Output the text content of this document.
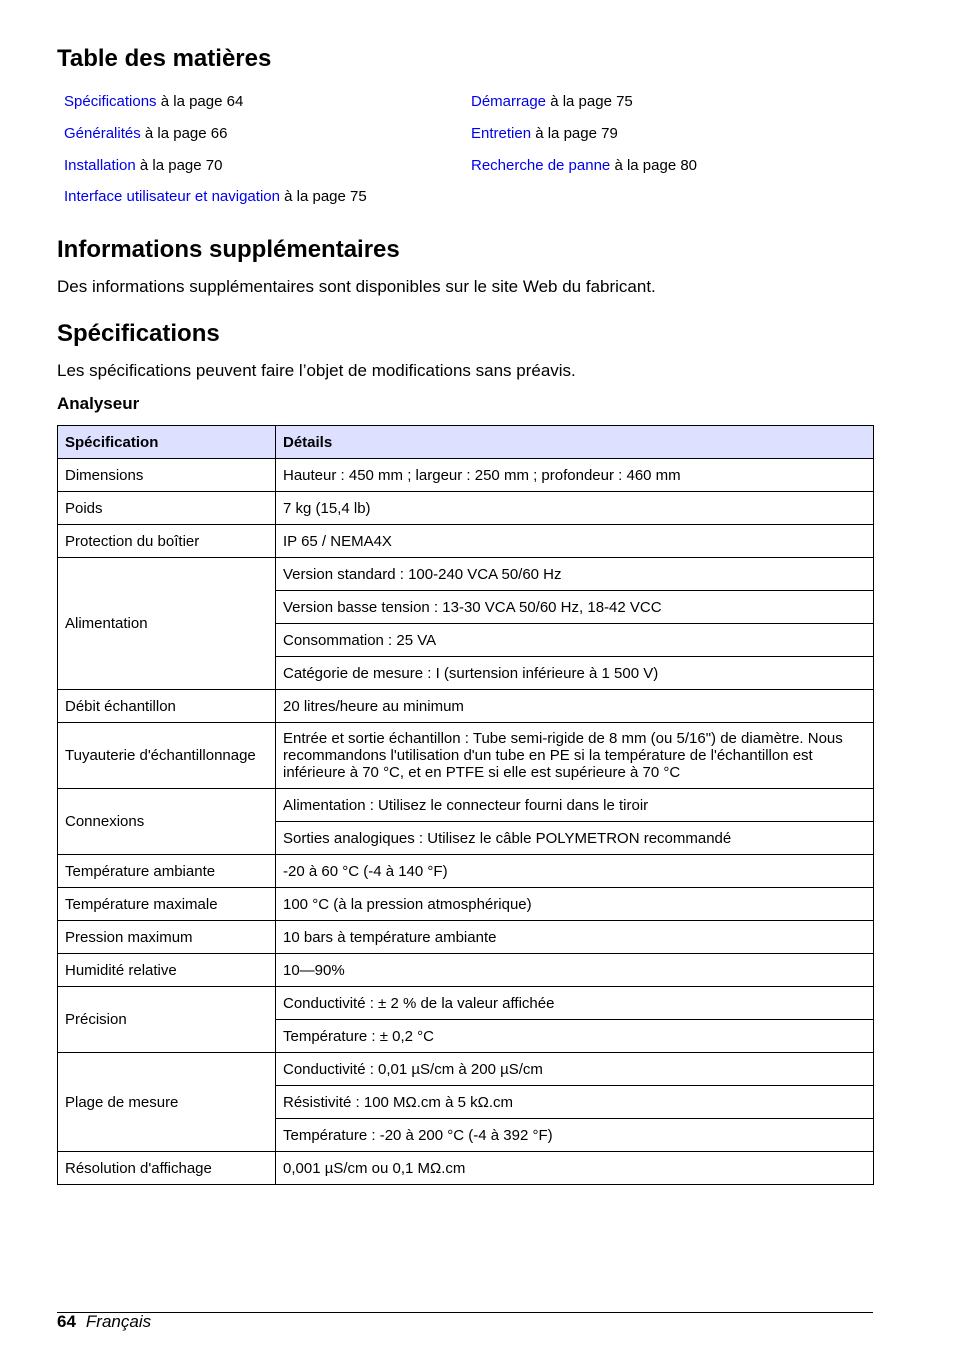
Table des matières
Spécifications à la page 64
Généralités à la page 66
Installation à la page 70
Interface utilisateur et navigation à la page 75
Démarrage à la page 75
Entretien à la page 79
Recherche de panne à la page 80
Informations supplémentaires

Des informations supplémentaires sont disponibles sur le site Web du fabricant.

Spécifications

Les spécifications peuvent faire l’objet de modifications sans préavis.

Analyseur

Spécification	Détails
Dimensions	Hauteur : 450 mm ; largeur : 250 mm ; profondeur : 460 mm
Poids	7 kg (15,4 lb)
Protection du boîtier	IP 65 / NEMA4X
Alimentation	Version standard : 100-240 VCA 50/60 Hz
	Version basse tension : 13-30 VCA 50/60 Hz, 18-42 VCC
	Consommation : 25 VA
	Catégorie de mesure : I (surtension inférieure à 1 500 V)
Débit échantillon	20 litres/heure au minimum
Tuyauterie d'échantillonnage	Entrée et sortie échantillon : Tube semi-rigide de 8 mm (ou 5/16") de diamètre. Nous recommandons l'utilisation d'un tube en PE si la température de l'échantillon est inférieure à 70 °C, et en PTFE si elle est supérieure à 70 °C
Connexions	Alimentation : Utilisez le connecteur fourni dans le tiroir
	Sorties analogiques : Utilisez le câble POLYMETRON recommandé
Température ambiante	-20 à 60 °C (-4 à 140 °F)
Température maximale	100 °C (à la pression atmosphérique)
Pression maximum	10 bars à température ambiante
Humidité relative	10—90%
Précision	Conductivité : ± 2 % de la valeur affichée
	Température : ± 0,2 °C
Plage de mesure	Conductivité : 0,01 µS/cm à 200 µS/cm
	Résistivité : 100 MΩ.cm à 5 kΩ.cm
	Température : -20 à 200 °C (-4 à 392 °F)
Résolution d'affichage	0,001 µS/cm ou 0,1 MΩ.cm
64 Français
